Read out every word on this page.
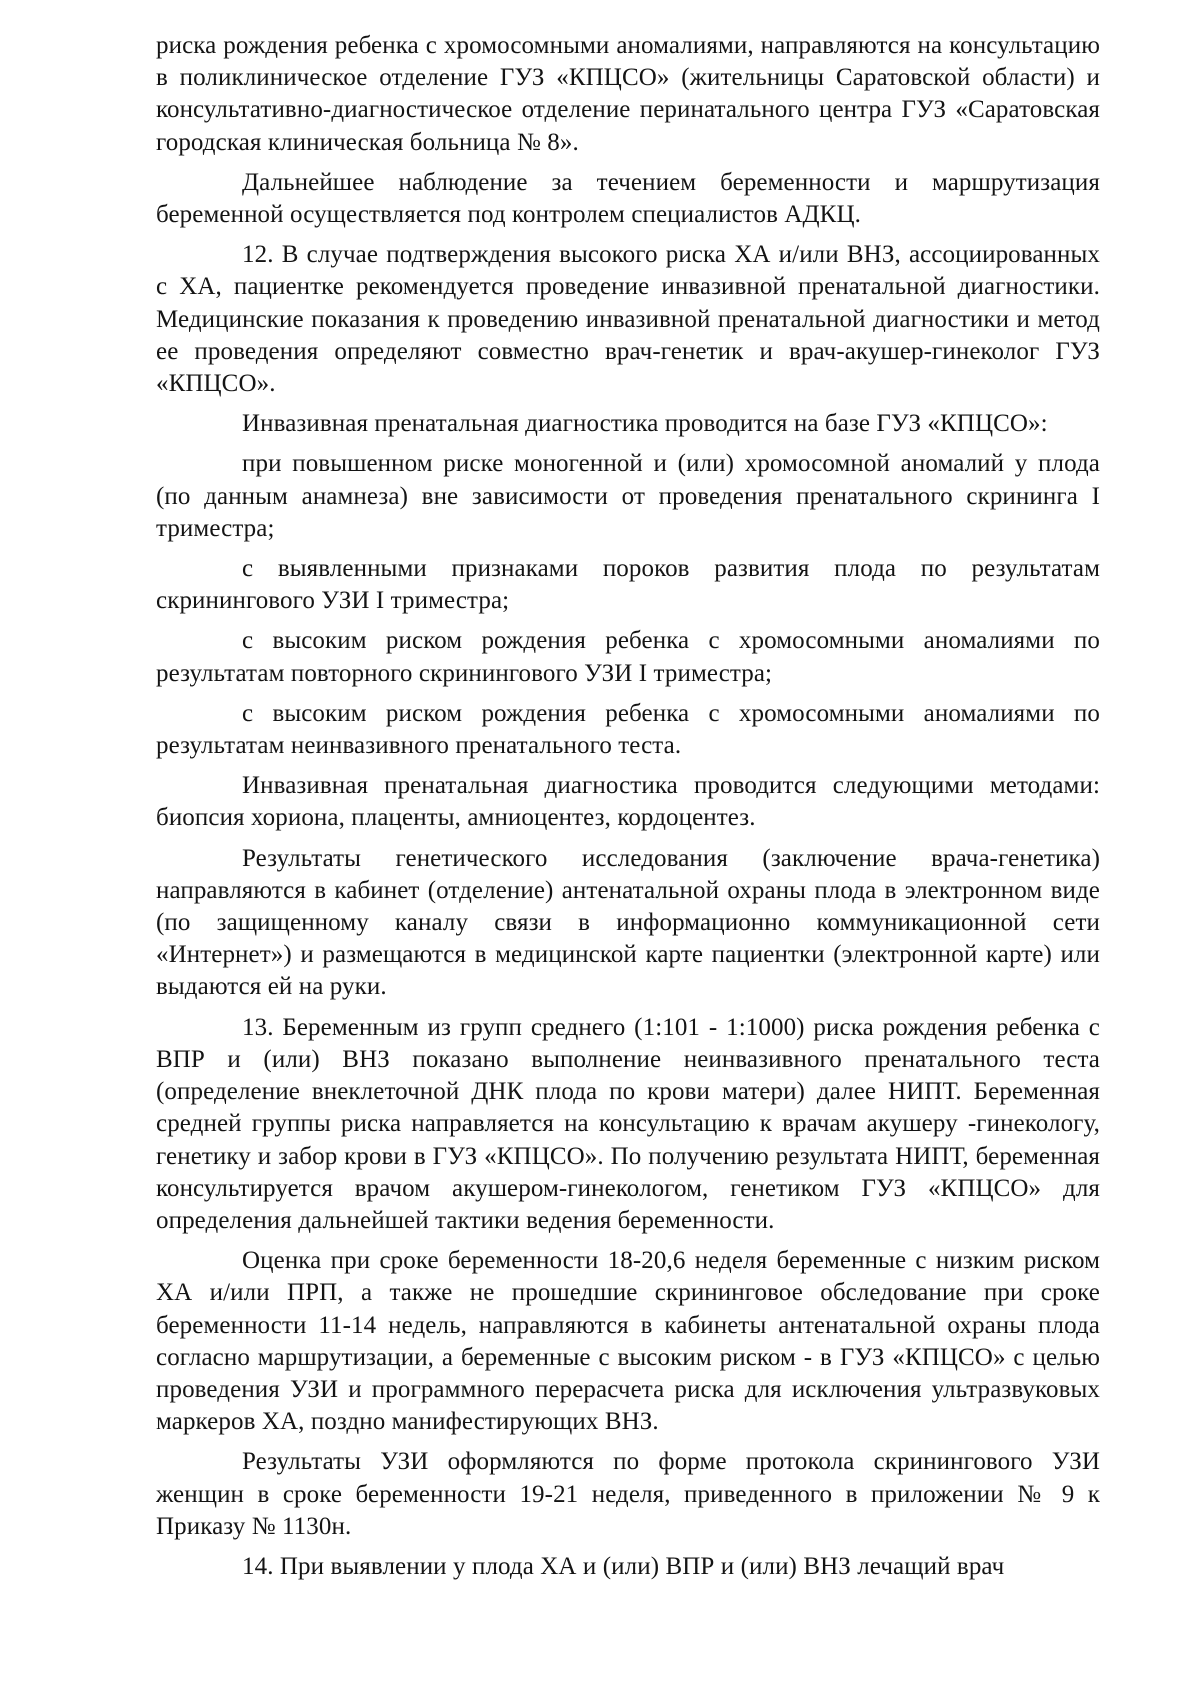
риска рождения ребенка с хромосомными аномалиями, направляются на консультацию в поликлиническое отделение ГУЗ «КПЦСО» (жительницы Саратовской области) и консультативно-диагностическое отделение перинатального центра ГУЗ «Саратовская городская клиническая больница № 8».

Дальнейшее наблюдение за течением беременности и маршрутизация беременной осуществляется под контролем специалистов АДКЦ.

12. В случае подтверждения высокого риска ХА и/или ВНЗ, ассоциированных с ХА, пациентке рекомендуется проведение инвазивной пренатальной диагностики. Медицинские показания к проведению инвазивной пренатальной диагностики и метод ее проведения определяют совместно врач-генетик и врач-акушер-гинеколог ГУЗ «КПЦСО».

Инвазивная пренатальная диагностика проводится на базе ГУЗ «КПЦСО»:

при повышенном риске моногенной и (или) хромосомной аномалий у плода (по данным анамнеза) вне зависимости от проведения пренатального скрининга I триместра;

с выявленными признаками пороков развития плода по результатам скринингового УЗИ I триместра;

с высоким риском рождения ребенка с хромосомными аномалиями по результатам повторного скринингового УЗИ I триместра;

с высоким риском рождения ребенка с хромосомными аномалиями по результатам неинвазивного пренатального теста.

Инвазивная пренатальная диагностика проводится следующими методами: биопсия хориона, плаценты, амниоцентез, кордоцентез.

Результаты генетического исследования (заключение врача-генетика) направляются в кабинет (отделение) антенатальной охраны плода в электронном виде (по защищенному каналу связи в информационно коммуникационной сети «Интернет») и размещаются в медицинской карте пациентки (электронной карте) или выдаются ей на руки.

13. Беременным из групп среднего (1:101 - 1:1000) риска рождения ребенка с ВПР и (или) ВНЗ показано выполнение неинвазивного пренатального теста (определение внеклеточной ДНК плода по крови матери) далее НИПТ. Беременная средней группы риска направляется на консультацию к врачам акушеру -гинекологу, генетику и забор крови в ГУЗ «КПЦСО». По получению результата НИПТ, беременная консультируется врачом акушером-гинекологом, генетиком ГУЗ «КПЦСО» для определения дальнейшей тактики ведения беременности.

Оценка при сроке беременности 18-20,6 неделя беременные с низким риском ХА и/или ПРП, а также не прошедшие скрининговое обследование при сроке беременности 11-14 недель, направляются в кабинеты антенатальной охраны плода согласно маршрутизации, а беременные с высоким риском - в ГУЗ «КПЦСО» с целью проведения УЗИ и программного перерасчета риска для исключения ультразвуковых маркеров ХА, поздно манифестирующих ВНЗ.

Результаты УЗИ оформляются по форме протокола скринингового УЗИ женщин в сроке беременности 19-21 неделя, приведенного в приложении № 9 к Приказу № 1130н.

14. При выявлении у плода ХА и (или) ВПР и (или) ВНЗ лечащий врач
